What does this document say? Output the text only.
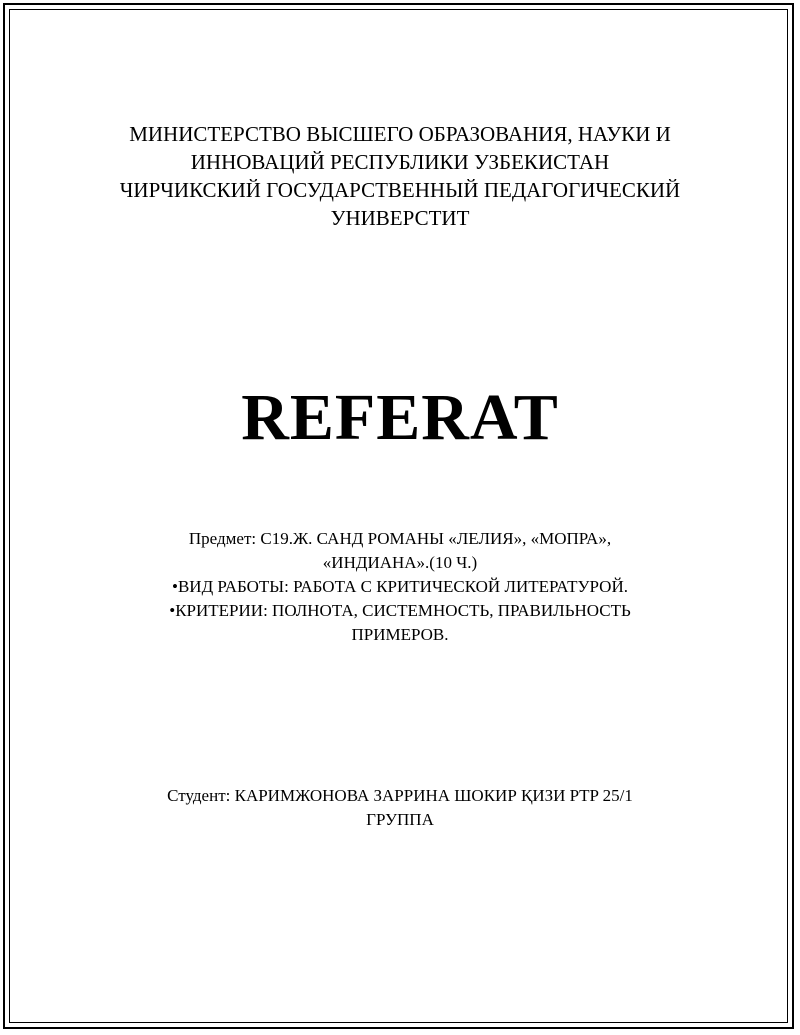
МИНИСТЕРСТВО ВЫСШЕГО ОБРАЗОВАНИЯ, НАУКИ И
ИННОВАЦИЙ РЕСПУБЛИКИ УЗБЕКИСТАН
ЧИРЧИКСКИЙ ГОСУДАРСТВЕННЫЙ ПЕДАГОГИЧЕСКИЙ
УНИВЕРСТИТ
REFERAT
Предмет: С19.Ж. САНД РОМАНЫ «ЛЕЛИЯ», «МОПРА»,
«ИНДИАНА».(10 Ч.)
•ВИД РАБОТЫ: РАБОТА С КРИТИЧЕСКОЙ ЛИТЕРАТУРОЙ.
•КРИТЕРИИ: ПОЛНОТА, СИСТЕМНОСТЬ, ПРАВИЛЬНОСТЬ
ПРИМЕРОВ.
Студент: КАРИМЖОНОВА ЗАРРИНА ШОКИР ҚИЗИ PTP 25/1
ГРУППА
